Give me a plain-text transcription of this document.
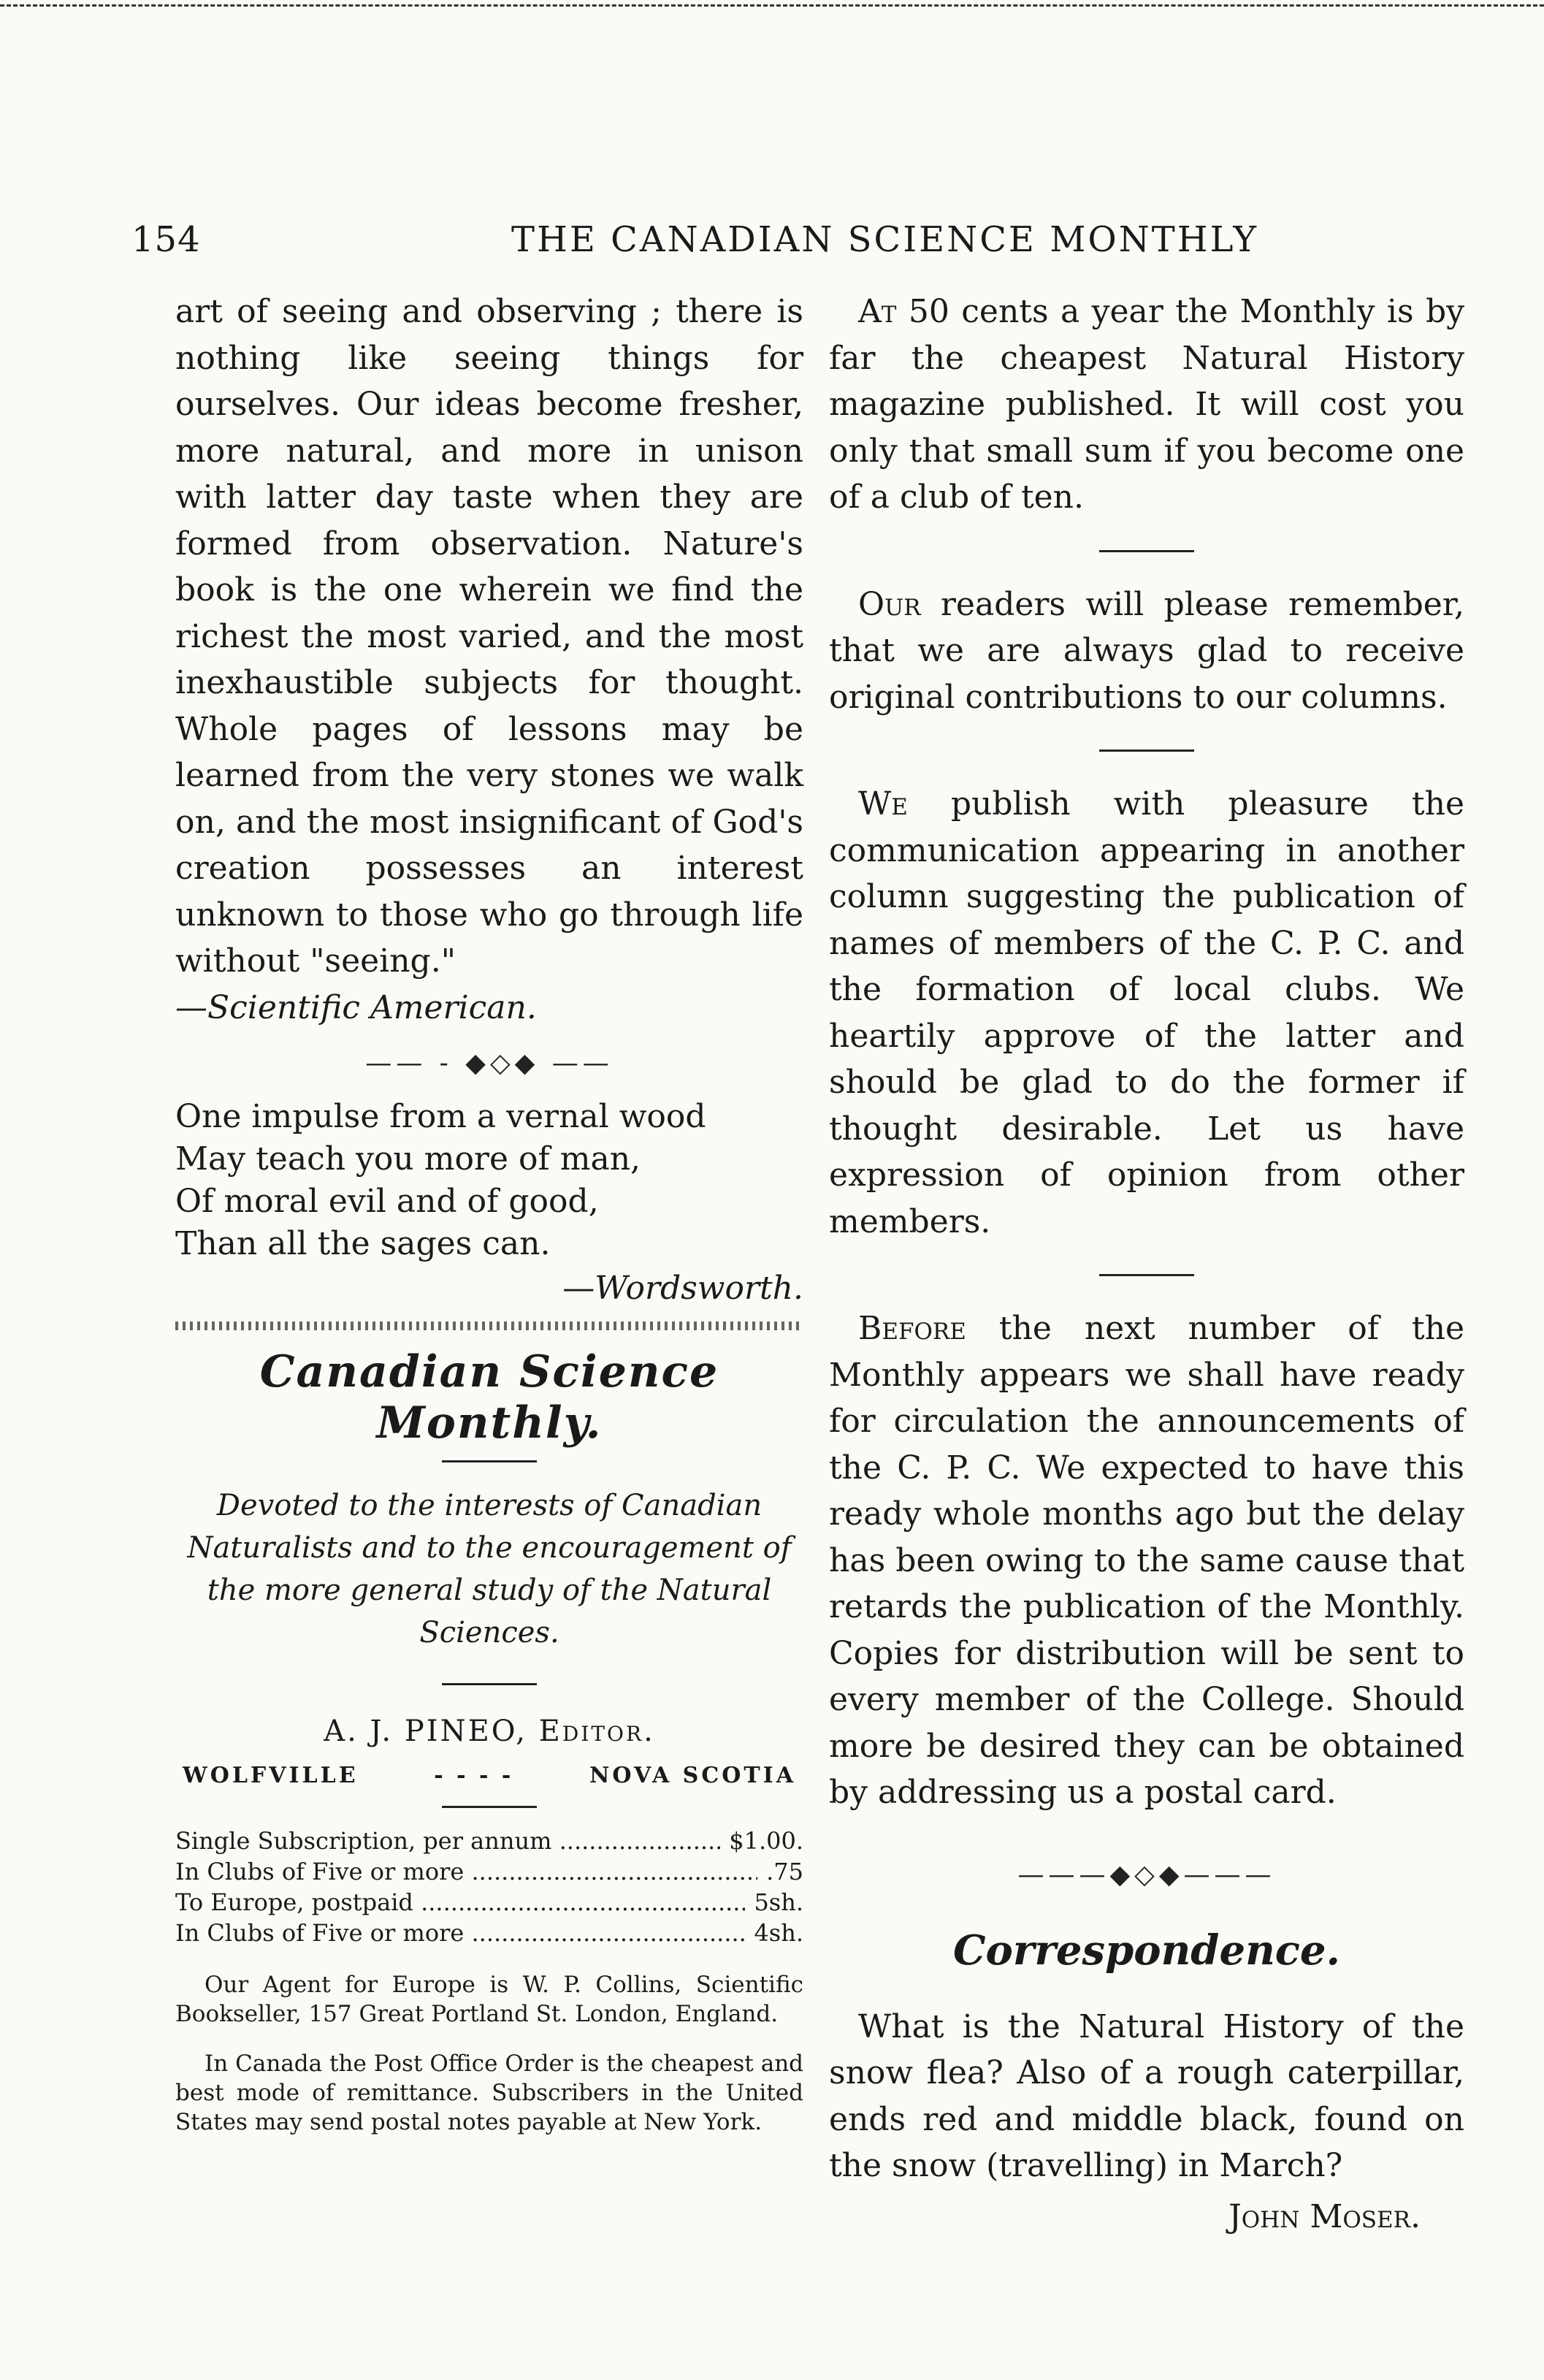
154	THE CANADIAN SCIENCE MONTHLY

art of seeing and observing ; there is nothing like seeing things for ourselves. Our ideas become fresher, more natural, and more in unison with latter day taste when they are formed from observation. Nature's book is the one wherein we find the richest the most varied, and the most inexhaustible subjects for thought. Whole pages of lessons may be learned from the very stones we walk on, and the most insignificant of God's creation possesses an interest unknown to those who go through life without "seeing."

—Scientific American.

—— - ◆◇◆ ——
One impulse from a vernal wood
May teach you more of man,
Of moral evil and of good,
Than all the sages can.

—Wordsworth.

Canadian Science Monthly.

Devoted to the interests of Canadian Naturalists and to the encouragement of the more general study of the Natural Sciences.

A. J. PINEO, Editor.

WOLFVILLE	- - - -	NOVA SCOTIA
Single Subscription, per annum .....	$1.00.
In Clubs of Five or more .....	.75
To Europe, postpaid .....	5sh.
In Clubs of Five or more .....	4sh.

Our Agent for Europe is W. P. Collins, Scientific Bookseller, 157 Great Portland St. London, England.

In Canada the Post Office Order is the cheapest and best mode of remittance. Subscribers in the United States may send postal notes payable at New York.

At 50 cents a year the Monthly is by far the cheapest Natural History magazine published. It will cost you only that small sum if you become one of a club of ten.

Our readers will please remember, that we are always glad to receive original contributions to our columns.

We publish with pleasure the communication appearing in another column suggesting the publication of names of members of the C. P. C. and the formation of local clubs. We heartily approve of the latter and should be glad to do the former if thought desirable. Let us have expression of opinion from other members.

Before the next number of the Monthly appears we shall have ready for circulation the announcements of the C. P. C. We expected to have this ready whole months ago but the delay has been owing to the same cause that retards the publication of the Monthly. Copies for distribution will be sent to every member of the College. Should more be desired they can be obtained by addressing us a postal card.

———◆◇◆———

Correspondence.

What is the Natural History of the snow flea? Also of a rough caterpillar, ends red and middle black, found on the snow (travelling) in March?

John Moser.
